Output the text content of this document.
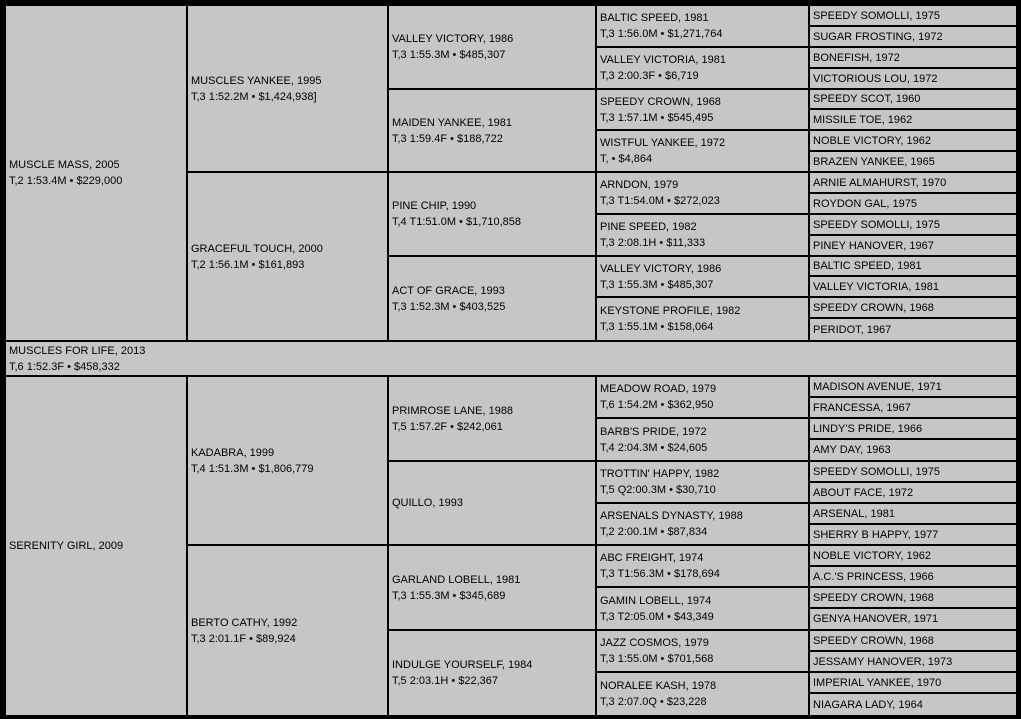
MUSCLE MASS, 2005
T,2 1:53.4M • $229,000
MUSCLES YANKEE, 1995
T,3 1:52.2M • $1,424,938]
GRACEFUL TOUCH, 2000
T,2 1:56.1M • $161,893
VALLEY VICTORY, 1986
T,3 1:55.3M • $485,307
MAIDEN YANKEE, 1981
T,3 1:59.4F • $188,722
PINE CHIP, 1990
T,4 T1:51.0M • $1,710,858
ACT OF GRACE, 1993
T,3 1:52.3M • $403,525
BALTIC SPEED, 1981
T,3 1:56.0M • $1,271,764
VALLEY VICTORIA, 1981
T,3 2:00.3F • $6,719
SPEEDY CROWN, 1968
T,3 1:57.1M • $545,495
WISTFUL YANKEE, 1972
T, • $4,864
ARNDON, 1979
T,3 T1:54.0M • $272,023
PINE SPEED, 1982
T,3 2:08.1H • $11,333
VALLEY VICTORY, 1986
T,3 1:55.3M • $485,307
KEYSTONE PROFILE, 1982
T,3 1:55.1M • $158,064
SPEEDY SOMOLLI, 1975
SUGAR FROSTING, 1972
BONEFISH, 1972
VICTORIOUS LOU, 1972
SPEEDY SCOT, 1960
MISSILE TOE, 1962
NOBLE VICTORY, 1962
BRAZEN YANKEE, 1965
ARNIE ALMAHURST, 1970
ROYDON GAL, 1975
SPEEDY SOMOLLI, 1975
PINEY HANOVER, 1967
BALTIC SPEED, 1981
VALLEY VICTORIA, 1981
SPEEDY CROWN, 1968
PERIDOT, 1967
MUSCLES FOR LIFE, 2013
T,6 1:52.3F • $458,332
SERENITY GIRL, 2009
KADABRA, 1999
T,4 1:51.3M • $1,806,779
BERTO CATHY, 1992
T,3 2:01.1F • $89,924
PRIMROSE LANE, 1988
T,5 1:57.2F • $242,061
QUILLO, 1993
GARLAND LOBELL, 1981
T,3 1:55.3M • $345,689
INDULGE YOURSELF, 1984
T,5 2:03.1H • $22,367
MEADOW ROAD, 1979
T,6 1:54.2M • $362,950
BARB'S PRIDE, 1972
T,4 2:04.3M • $24,605
TROTTIN' HAPPY, 1982
T,5 Q2:00.3M • $30,710
ARSENALS DYNASTY, 1988
T,2 2:00.1M • $87,834
ABC FREIGHT, 1974
T,3 T1:56.3M • $178,694
GAMIN LOBELL, 1974
T,3 T2:05.0M • $43,349
JAZZ COSMOS, 1979
T,3 1:55.0M • $701,568
NORALEE KASH, 1978
T,3 2:07.0Q • $23,228
MADISON AVENUE, 1971
FRANCESSA, 1967
LINDY'S PRIDE, 1966
AMY DAY, 1963
SPEEDY SOMOLLI, 1975
ABOUT FACE, 1972
ARSENAL, 1981
SHERRY B HAPPY, 1977
NOBLE VICTORY, 1962
A.C.'S PRINCESS, 1966
SPEEDY CROWN, 1968
GENYA HANOVER, 1971
SPEEDY CROWN, 1968
JESSAMY HANOVER, 1973
IMPERIAL YANKEE, 1970
NIAGARA LADY, 1964
